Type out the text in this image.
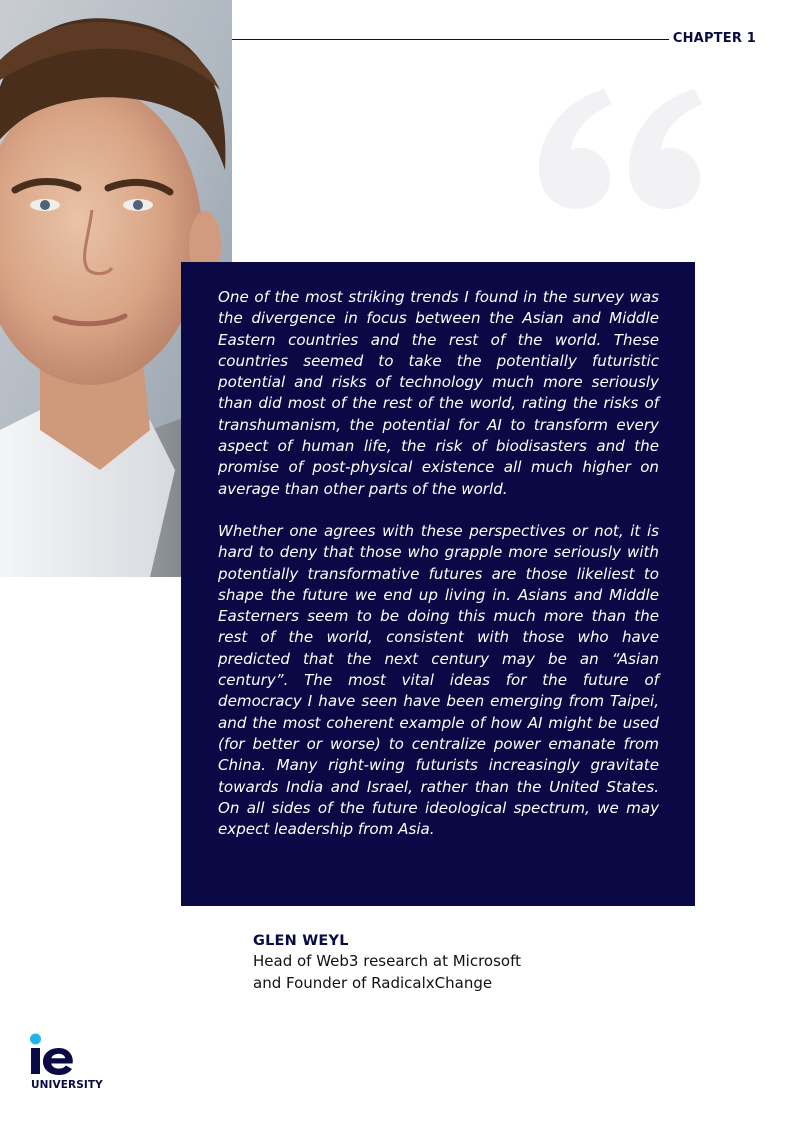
CHAPTER 1

One of the most striking trends I found in the survey was the divergence in focus between the Asian and Middle Eastern countries and the rest of the world. These countries seemed to take the potentially futuristic potential and risks of technology much more seriously than did most of the rest of the world, rating the risks of transhumanism, the potential for AI to transform every aspect of human life, the risk of biodisasters and the promise of post-physical existence all much higher on average than other parts of the world.

Whether one agrees with these perspectives or not, it is hard to deny that those who grapple more seriously with potentially transformative futures are those likeliest to shape the future we end up living in. Asians and Middle Easterners seem to be doing this much more than the rest of the world, consistent with those who have predicted that the next century may be an “Asian century”. The most vital ideas for the future of democracy I have seen have been emerging from Taipei, and the most coherent example of how AI might be used (for better or worse) to centralize power emanate from China. Many right-wing futurists increasingly gravitate towards India and Israel, rather than the United States. On all sides of the future ideological spectrum, we may expect leadership from Asia.

GLEN WEYL
Head of Web3 research at Microsoft
and Founder of RadicalxChange
UNIVERSITY
